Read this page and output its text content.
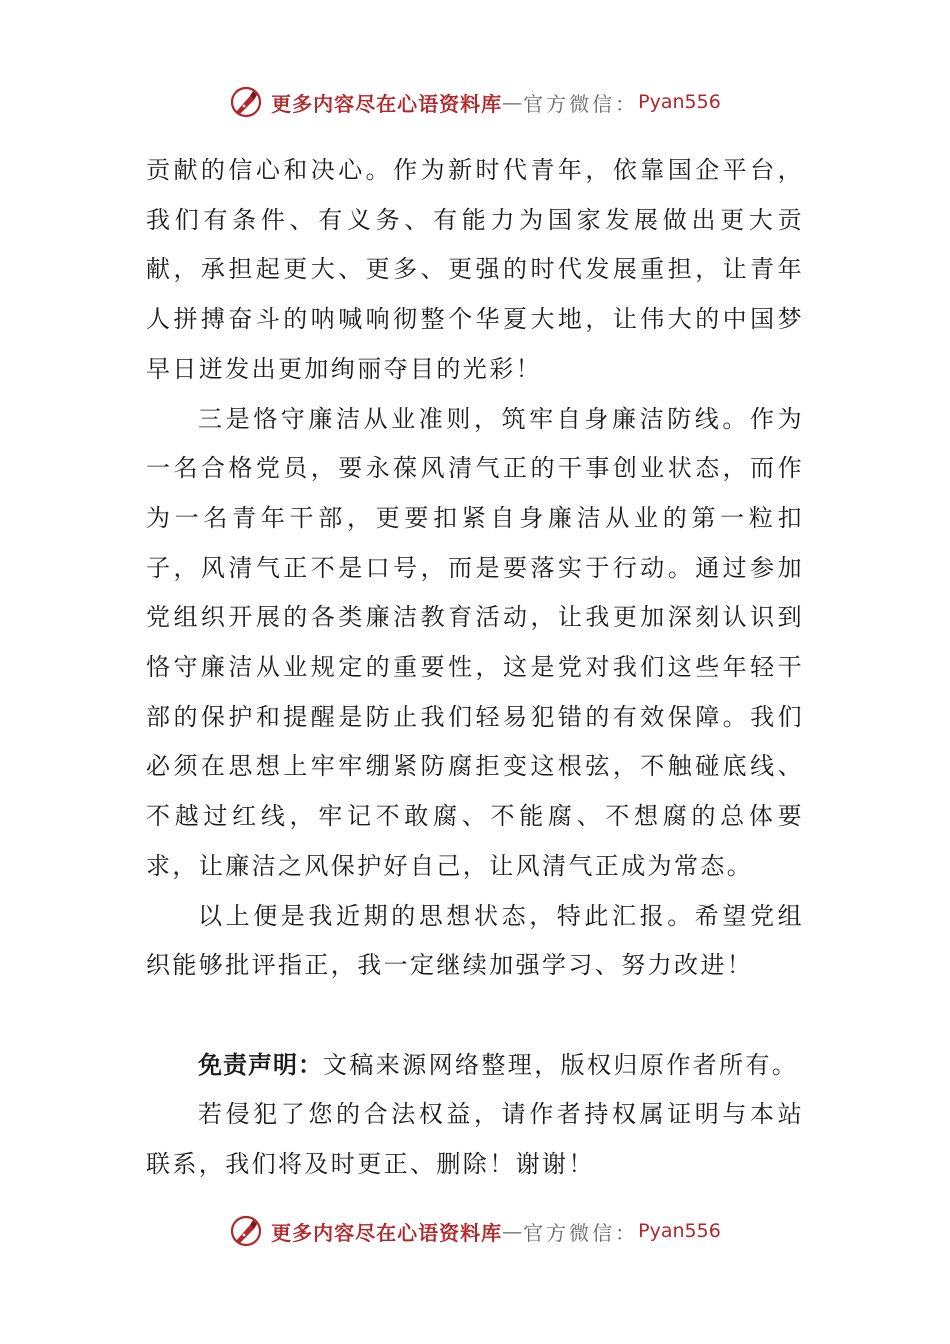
更多内容尽在心语资料库 — 官方微信： Pyan556

贡献的信心和决心。作为新时代青年，依靠国企平台，我们有条件、有义务、有能力为国家发展做出更大贡献，承担起更大、更多、更强的时代发展重担，让青年人拼搏奋斗的呐喊响彻整个华夏大地，让伟大的中国梦早日迸发出更加绚丽夺目的光彩！

三是恪守廉洁从业准则，筑牢自身廉洁防线。作为一名合格党员，要永葆风清气正的干事创业状态，而作为一名青年干部，更要扣紧自身廉洁从业的第一粒扣子，风清气正不是口号，而是要落实于行动。通过参加党组织开展的各类廉洁教育活动，让我更加深刻认识到恪守廉洁从业规定的重要性，这是党对我们这些年轻干部的保护和提醒是防止我们轻易犯错的有效保障。我们必须在思想上牢牢绷紧防腐拒变这根弦，不触碰底线、不越过红线，牢记不敢腐、不能腐、不想腐的总体要求，让廉洁之风保护好自己，让风清气正成为常态。

以上便是我近期的思想状态，特此汇报。希望党组织能够批评指正，我一定继续加强学习、努力改进！

免责声明：文稿来源网络整理，版权归原作者所有。

若侵犯了您的合法权益，请作者持权属证明与本站联系，我们将及时更正、删除！谢谢！

更多内容尽在心语资料库 — 官方微信： Pyan556
